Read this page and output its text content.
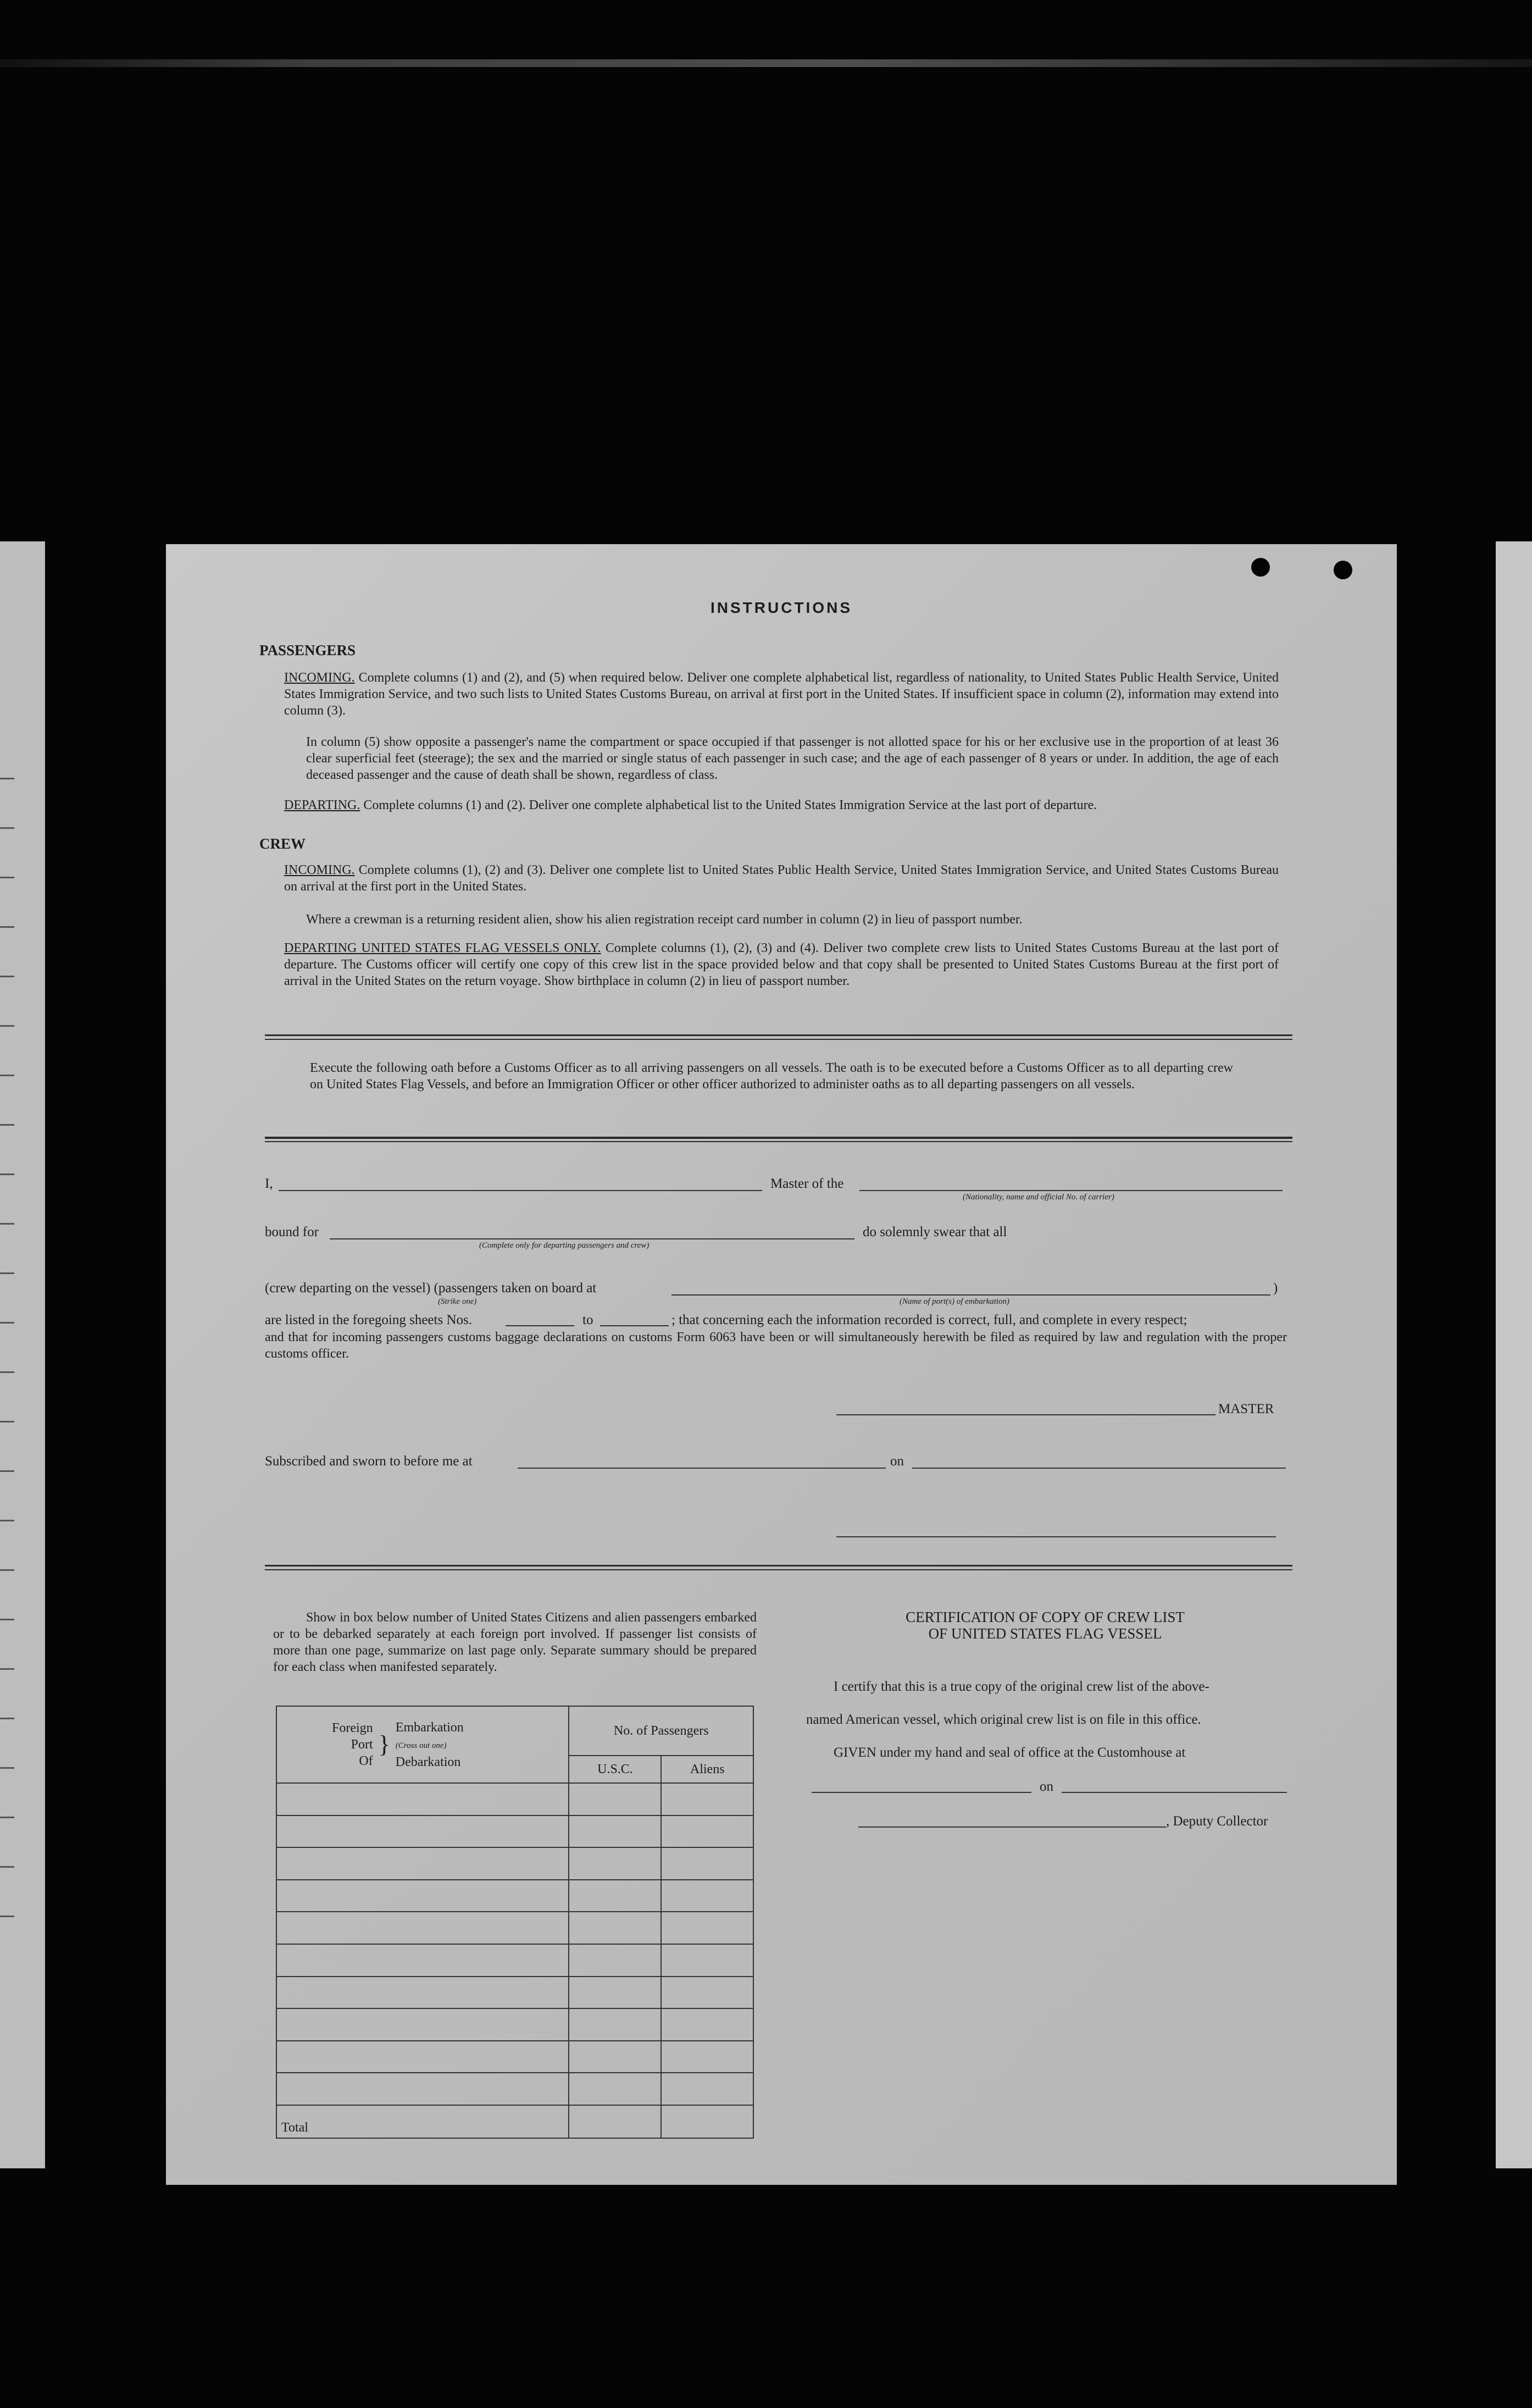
INSTRUCTIONS
PASSENGERS
INCOMING. Complete columns (1) and (2), and (5) when required below. Deliver one complete alphabetical list, regardless of nationality, to United States Public Health Service, United States Immigration Service, and two such lists to United States Customs Bureau, on arrival at first port in the United States. If insufficient space in column (2), information may extend into column (3).
In column (5) show opposite a passenger's name the compartment or space occupied if that passenger is not allotted space for his or her exclusive use in the proportion of at least 36 clear superficial feet (steerage); the sex and the married or single status of each passenger in such case; and the age of each passenger of 8 years or under. In addition, the age of each deceased passenger and the cause of death shall be shown, regardless of class.
DEPARTING. Complete columns (1) and (2). Deliver one complete alphabetical list to the United States Immigration Service at the last port of departure.
CREW
INCOMING. Complete columns (1), (2) and (3). Deliver one complete list to United States Public Health Service, United States Immigration Service, and United States Customs Bureau on arrival at the first port in the United States.
Where a crewman is a returning resident alien, show his alien registration receipt card number in column (2) in lieu of passport number.
DEPARTING UNITED STATES FLAG VESSELS ONLY. Complete columns (1), (2), (3) and (4). Deliver two complete crew lists to United States Customs Bureau at the last port of departure. The Customs officer will certify one copy of this crew list in the space provided below and that copy shall be presented to United States Customs Bureau at the first port of arrival in the United States on the return voyage. Show birthplace in column (2) in lieu of passport number.
Execute the following oath before a Customs Officer as to all arriving passengers on all vessels. The oath is to be executed before a Customs Officer as to all departing crew on United States Flag Vessels, and before an Immigration Officer or other officer authorized to administer oaths as to all departing passengers on all vessels.
I,	Master of the
(Nationality, name and official No. of carrier)
bound for
(Complete only for departing passengers and crew)
do solemnly swear that all
(crew departing on the vessel) (passengers taken on board at
(Strike one)	(Name of port(s) of embarkation)
)
are listed in the foregoing sheets Nos.	to	; that concerning each the information recorded is correct, full, and complete in every respect;
and that for incoming passengers customs baggage declarations on customs Form 6063 have been or will simultaneously herewith be filed as required by law and regulation with the proper customs officer.
MASTER
Subscribed and sworn to before me at	on
Show in box below number of United States Citizens and alien passengers embarked or to be debarked separately at each foreign port involved. If passenger list consists of more than one page, summarize on last page only. Separate summary should be prepared for each class when manifested separately.
Foreign
Port
Of } Embarkation
(Cross out one)
Debarkation	No. of Passengers	
	U.S.C.	Aliens

Total		
CERTIFICATION OF COPY OF CREW LIST
OF UNITED STATES FLAG VESSEL
I certify that this is a true copy of the original crew list of the above-
named American vessel, which original crew list is on file in this office.
GIVEN under my hand and seal of office at the Customhouse at
on
, Deputy Collector
